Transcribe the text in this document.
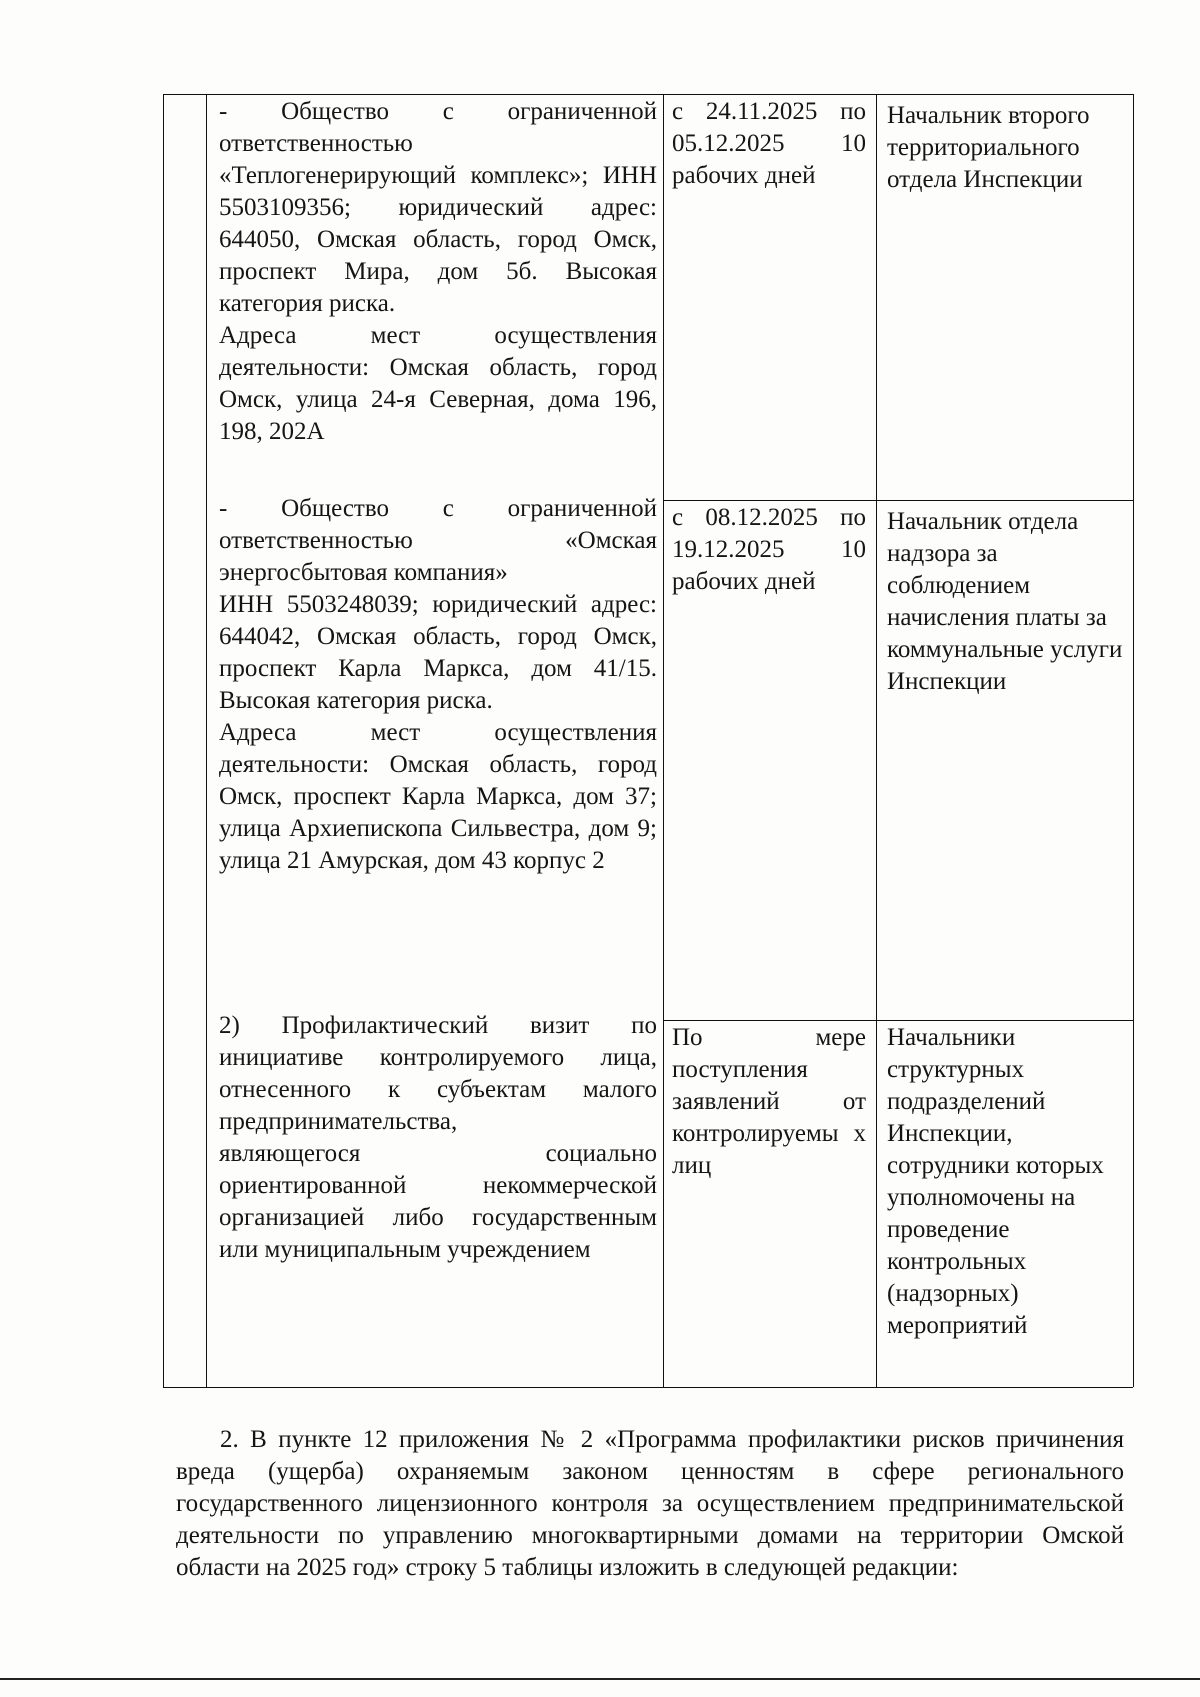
- Общество с ограниченной ответственностью
«Теплогенерирующий комплекс»; ИНН 5503109356; юридический адрес: 644050, Омская область, город Омск, проспект Мира, дом 5б. Высокая категория риска.
Адреса мест осуществления деятельности: Омская область, город Омск, улица 24-я Северная, дома 196, 198, 202А
с 24.11.2025 по 05.12.2025 10 рабочих дней
Начальник второго территориального отдела Инспекции
- Общество с ограниченной ответственностью «Омская энергосбытовая компания»
ИНН 5503248039; юридический адрес: 644042, Омская область, город Омск, проспект Карла Маркса, дом 41/15. Высокая категория риска.
Адреса мест осуществления деятельности: Омская область, город Омск, проспект Карла Маркса, дом 37; улица Архиепископа Сильвестра, дом 9; улица 21 Амурская, дом 43 корпус 2
с 08.12.2025 по 19.12.2025 10 рабочих дней
Начальник отдела надзора за соблюдением начисления платы за коммунальные услуги Инспекции
2) Профилактический визит по инициативе контролируемого лица, отнесенного к субъектам малого предпринимательства,
являющегося социально ориентированной некоммерческой организацией либо государственным или муниципальным учреждением
По мере поступления заявлений от контролируемы х лиц
Начальники структурных подразделений Инспекции, сотрудники которых уполномочены на проведение контрольных (надзорных) мероприятий
2. В пункте 12 приложения № 2 «Программа профилактики рисков причинения вреда (ущерба) охраняемым законом ценностям в сфере регионального государственного лицензионного контроля за осуществлением предпринимательской деятельности по управлению многоквартирными домами на территории Омской области на 2025 год» строку 5 таблицы изложить в следующей редакции:
